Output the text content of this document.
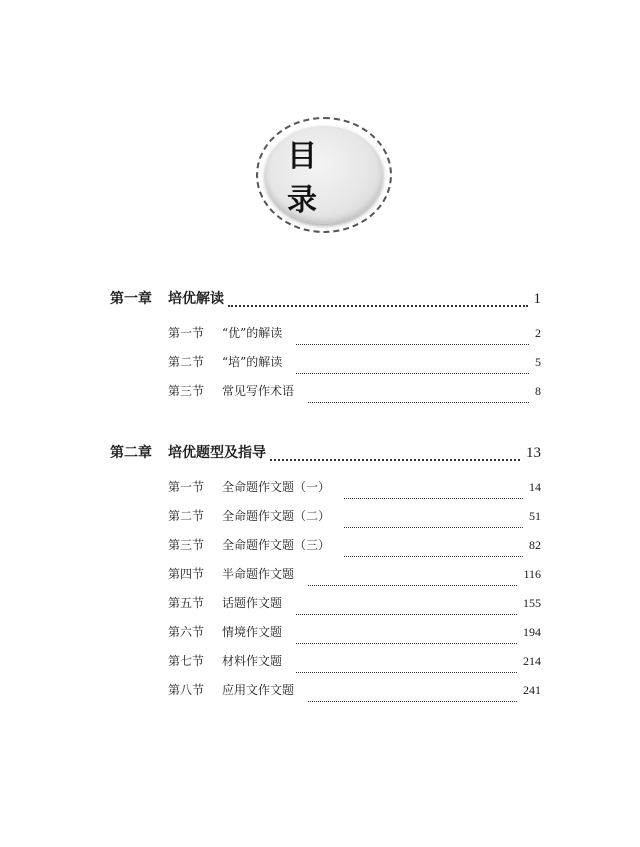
目 录
第一章	培优解读	1
第一节	“优”的解读	2
第二节	“培”的解读	5
第三节	常见写作术语	8
第二章	培优题型及指导	13
第一节	全命题作文题（一）	14
第二节	全命题作文题（二）	51
第三节	全命题作文题（三）	82
第四节	半命题作文题	116
第五节	话题作文题	155
第六节	情境作文题	194
第七节	材料作文题	214
第八节	应用文作文题	241
